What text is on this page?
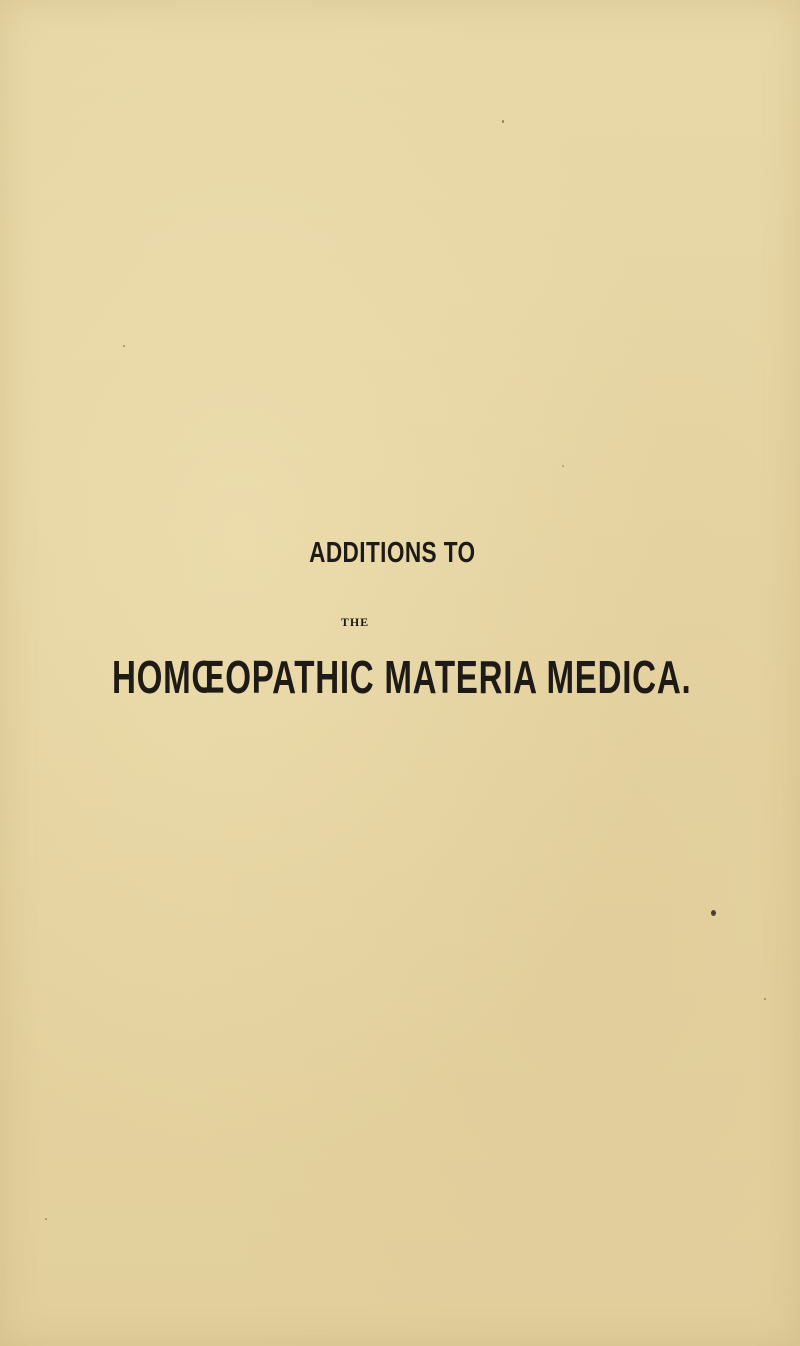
ADDITIONS TO
THE
HOMŒOPATHIC MATERIA MEDICA.
